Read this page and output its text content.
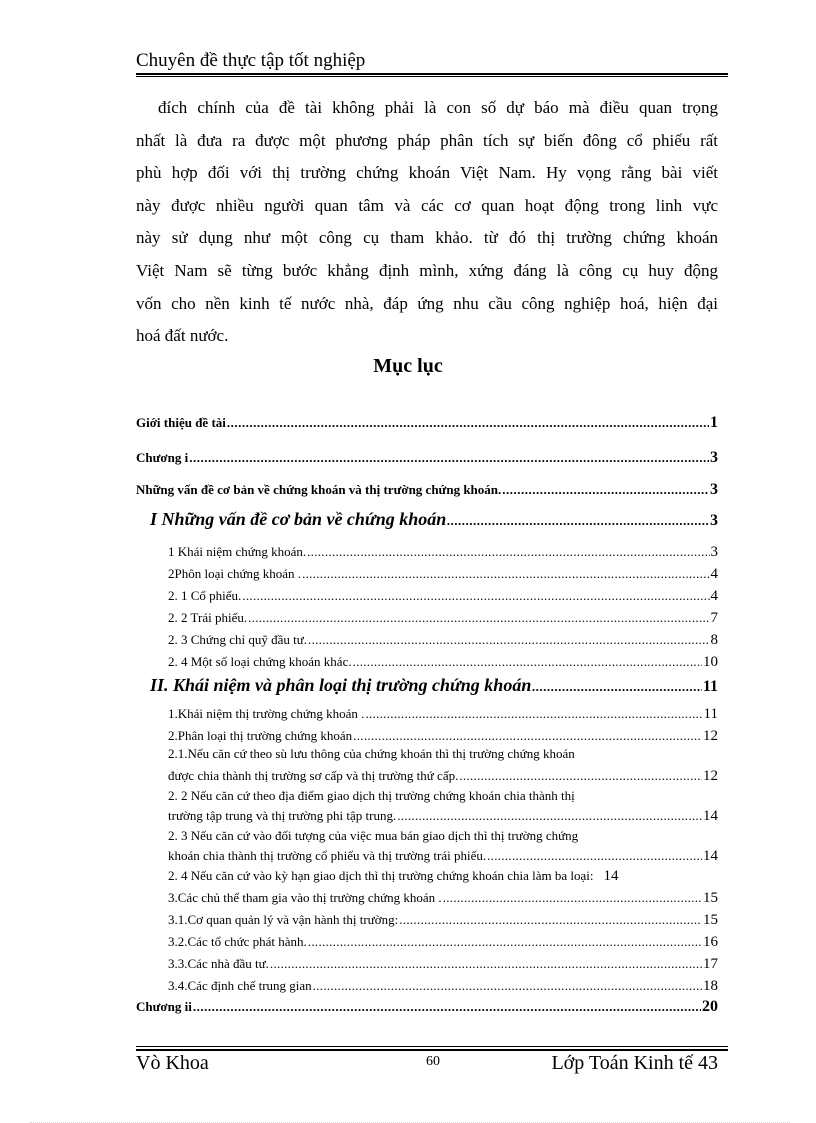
Chuyên đề thực tập tốt nghiệp
đích chính của đề tài không phải là con số dự báo mà điều quan trọng
nhất là đưa ra được một phương pháp phân tích sự biến đông cổ phiếu rất
phù hợp đối với thị trường chứng khoán Việt Nam. Hy vọng rằng bài viết
này được nhiều người quan tâm và các cơ quan hoạt động trong linh vực
này sử dụng như một công cụ tham khảo. từ đó thị trường chứng khoán
Việt Nam sẽ từng bước khẳng định mình, xứng đáng là công cụ huy động
vốn cho nền kinh tế nước nhà, đáp ứng nhu cầu công nghiệp hoá, hiện đại
hoá đất nước.
Mục lục
Giới thiệu đề tài .....	1
Chương i .....	3
Những vấn đề cơ bản về chứng khoán và thị trường chứng khoán. .....	3
I Những vấn đề cơ bản về chứng khoán .....	3
1 Khái niệm chứng khoán. .....	3
2Phôn loại chứng khoán . .....	4
2. 1 Cổ phiếu. .....	4
2. 2 Trái phiếu. .....	7
2. 3 Chứng chỉ quỹ đầu tư. .....	8
2. 4 Một số loại chứng khoán khác. .....	10
II. Khái niệm và phân loại thị trường chứng khoán .....	11
1.Khái niệm thị trường chứng khoán . .....	11
2.Phân loại thị trường chứng khoán .....	12
2.1.Nếu căn cứ theo sù lưu thông của chứng khoán thì thị trường chứng khoán
được chia thành thị trường sơ cấp và thị trường thứ cấp. .....	12
2. 2 Nếu căn cứ theo địa điểm giao dịch thị trường chứng khoán chia thành thị
trường tập trung và thị trường phi tập trung. .....	14
2. 3 Nếu căn cứ vào đối tượng của việc mua bán giao dịch thì thị trường chứng
khoán chia thành thị trường cổ phiếu và thị trường trái phiếu. .....	14
2. 4 Nếu căn cứ vào kỳ hạn giao dịch thì thị trường chứng khoán chia làm ba loại: 14
3.Các chủ thể tham gia vào thị trường chứng khoán . .....	15
3.1.Cơ quan quản lý và vận hành thị trường: .....	15
3.2.Các tổ chức phát hành. .....	16
3.3.Các nhà đầu tư. .....	17
3.4.Các định chế trung gian .....	18
Chương ii .....	20
Vò Khoa	60	Lớp Toán Kinh tế 43
